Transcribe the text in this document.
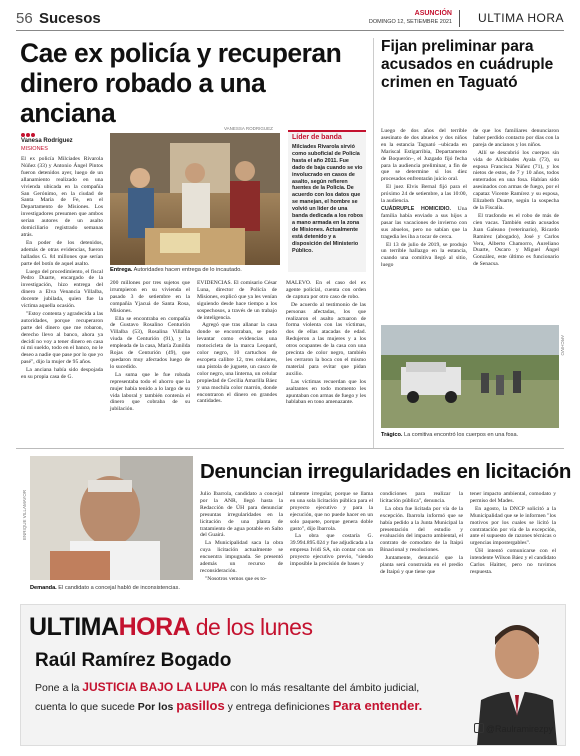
56 Sucesos	ASUNCIÓN
DOMINGO 12, SETIEMBRE 2021 ULTIMA HORA
Cae ex policía y recuperan
dinero robado a una anciana
Vanesa Rodríguez
MISIONES

El ex policía Milciades Rivarola Núñez (33) y Antonio Ángel Pintos fueron detenidos ayer, luego de un allanamiento realizado en una vivienda ubicada en la compañía San Gerónimo, en la ciudad de Santa María de Fe, en el Departamento de Misiones. Los investigadores presumen que ambos serían autores de un asalto domiciliario registrado semanas atrás.

En poder de los detenidos, además de otras evidencias, fueron hallados G. 84 millones que serían parte del botín de aquel asalto.

Luego del procedimiento, el fiscal Pedro Duarte, encargado de la investigación, hizo entrega del dinero a Elva Venancia Villalba, docente jubilada, quien fue la víctima aquella ocasión.

"Estoy contenta y agradecida a las autoridades, porque recuperaron parte del dinero que me robaron, derecho llevo al banco, ahora ya decidí no voy a tener dinero en casa ni mi sueldo, todo en el banco, no le deseo a nadie que pase por lo que yo pasé", dijo la mujer de 95 años.

La anciana había sido despojada en su propia casa de G.

VANESSA RODRIGUEZ
Entrega. Autoridades hacen entrega de lo incautado.
Líder de banda
Milciades Rivarola sirvió como suboficial de Policía hasta el año 2011. Fue dado de baja cuando se vio involucrado en casos de asalto, según refieren fuentes de la Policía. De acuerdo con los datos que se manejan, el hombre se volvió un líder de una banda dedicada a los robos a mano armada en la zona de Misiones. Actualmente está detenido y a disposición del Ministerio Público.

200 millones por tres sujetos que irrumpieron en su vivienda el pasado 3 de setiembre en la compañía Yjacuá de Santa Rosa, Misiones.

Ella se encontraba en compañía de Gustavo Rosalino Centurión Villalba (53), Rosalina Villalba viuda de Centurión (91), y la empleada de la casa, María Zunilda Rojas de Centurión (49), que quedaron muy afectados luego de lo sucedido.

La suma que le fue robada representaba todo el ahorro que la mujer había tenido a lo largo de su vida laboral y también contenía el dinero que cobraba de su jubilación.

EVIDENCIAS. El comisario César Luna, director de Policía de Misiones, explicó que ya les venían siguiendo desde hace tiempo a los sospechosos, a través de un trabajo de inteligencia.

Agregó que tras allanar la casa donde se encontraban, se pudo levantar como evidencias una motocicleta de la marca Leopard, color negro, 10 cartuchos de escopeta calibre 12, tres celulares, una pistola de juguete, un casco de color negro, una linterna, un celular propiedad de Cecilia Amarilla Báez y una mochila color marrón, donde encontraron el dinero en grandes cantidades.

MALEVO. En el caso del ex agente policial, cuenta con orden de captura por otro caso de robo.

De acuerdo al testimonio de las personas afectadas, los que realizaron el asalto actuaron de forma violenta con las víctimas, dos de ellas atacadas de edad. Redujeron a las mujeres y a los otros ocupantes de la casa con una precinta de color negro, también les cerraron la boca con el mismo material para evitar que pidan auxilio.

Las víctimas recuerdan que los asaltantes en todo momento les apuntaban con armas de fuego y les hablaban en tono amenazante.

Fijan preliminar para
acusados en cuádruple
crimen en Taguató

Luego de dos años del terrible asesinato de dos abuelos y dos niños en la estancia Taguató –ubicada en Mariscal Estigarribia, Departamento de Boquerón–, el Juzgado fijó fecha para la audiencia preliminar, a fin de que se determine si los diez procesados enfrentarán juicio oral.

El juez Elvis Bernal fijó para el próximo 24 de setiembre, a las 10:00, la audiencia.

CUÁDRUPLE HOMICIDIO. Una familia había enviado a sus hijos a pasar las vacaciones de invierno con sus abuelos, pero no sabían que la tragedia les iba a tocar de cerca.

El 13 de julio de 2019, se produjo un terrible hallazgo en la estancia, cuando una comitiva llegó al sitio, luego

de que los familiares denunciaron haber perdido contacto por días con la pareja de ancianos y los niños.

Allí se descubrió los cuerpos sin vida de Alcibiades Ayala (73), su esposa Francisca Núñez (71), y los nietos de estos, de 7 y 10 años, todos enterrados en una fosa. Habían sido asesinados con armas de fuego, por el capataz Vicente Ramírez y su esposa, Elizabeth Duarte, según la sospecha de la Fiscalía.

El trasfondo es el robo de más de cien vacas. También están acusados Juan Galeano (veterinario), Ricardo Ramírez (abogado), José y Carlos Vera, Alberto Chamorro, Aureliano Duarte, Oscaro y Miguel Ángel González, este último es funcionario de Senacsa.

ARCHIVO
Trágico. La comitiva encontró los cuerpos en una fosa.
ENRIQUE VILLAMAYOR
Demanda. El candidato a concejal habló de inconsistencias.
Denuncian irregularidades en licitación

Julio Ibarrola, candidato a concejal por la ANR, llegó hasta la Redacción de ÚH para denunciar presuntas irregularidades en la licitación de una planta de tratamiento de agua potable en Salto del Guairá.

La Municipalidad saca la obra cuya licitación actualmente se encuentra impugnada. Se presentó además un recurso de reconsideración.

"Nosotros vemos que es to-

talmente irregular, porque se llama en una sola licitación pública para el proyecto ejecutivo y para la ejecución, que no puede hacer en un solo paquete, porque genera doble gasto", dijo Ibarrola.

La obra que costaría G. 39.994.895.024 y fue adjudicada a la empresa Ividi SA, sin contar con un proyecto ejecutivo previo, "siendo imposible la precisión de bases y

condiciones para realizar la licitación pública", denuncia.

La obra fue licitada por vía de la excepción. Ibarrola informó que se había pedido a la Junta Municipal la presentación del estudio y evaluación del impacto ambiental, el contrato de comodato de la Itaipú Binacional y resoluciones.

Juntamente, denunció que la planta será construida en el predio de Itaipú y que tiene que

tener impacto ambiental, comodato y permiso del Mades.

En agosto, la DNCP solicitó a la Municipalidad que se le informen "los motivos por los cuales se licitó la contratación por vía de la excepción, ante el supuesto de razones técnicas o urgencias impostergables".

ÚH intentó comunicarse con el intendente Wilson Báez y el candidato Carlos Haitter, pero no tuvimos respuesta.

ULTIMAHORA de los lunes
Raúl Ramírez Bogado
Pone a la JUSTICIA BAJO LA LUPA con lo más resaltante del ámbito judicial,
cuenta lo que sucede Por los pasillos y entrega definiciones Para entender.
@Raulramirezpy
